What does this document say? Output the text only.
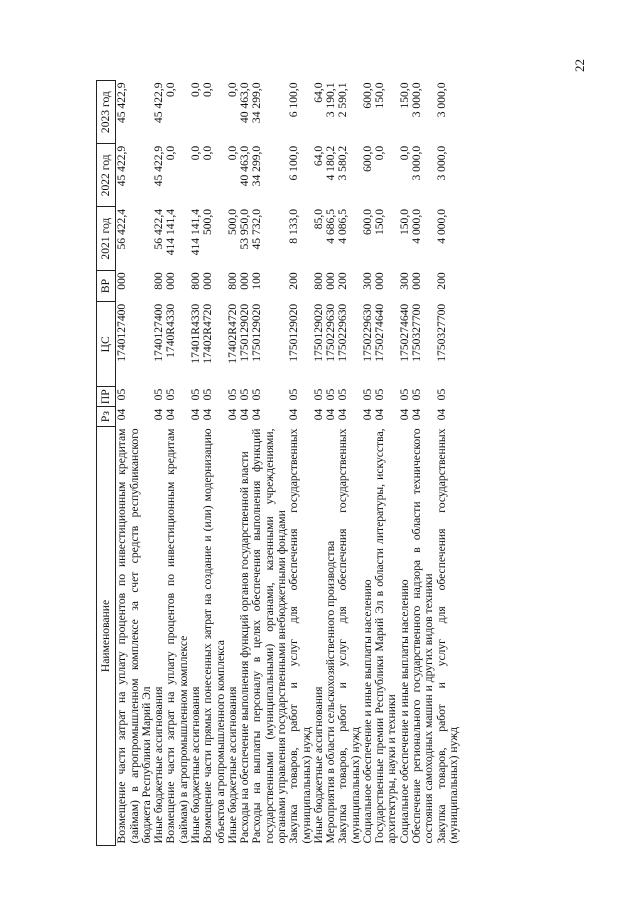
22
Наименование	Рз	ПР	ЦС	ВР	2021 год	2022 год	2023 год
Возмещение части затрат на уплату процентов по инвестиционным кредитам (займам) в агропромышленном комплексе за счет средств республиканского бюджета Республики Марий Эл	04	05	1740127400	000	56 422,4	45 422,9	45 422,9
Иные бюджетные ассигнования	04	05	1740127400	800	56 422,4	45 422,9	45 422,9
Возмещение части затрат на уплату процентов по инвестиционным кредитам (займам) в агропромышленном комплексе	04	05	1740R4330	000	414 141,4	0,0	0,0
Иные бюджетные ассигнования	04	05	17401R4330	800	414 141,4	0,0	0,0
Возмещение части прямых понесенных затрат на создание и (или) модернизацию объектов агропромышленного комплекса	04	05	17402R4720	000	500,0	0,0	0,0
Иные бюджетные ассигнования	04	05	17402R4720	800	500,0	0,0	0,0
Расходы на обеспечение выполнения функций органов государственной власти	04	05	1750129020	000	53 950,0	40 463,0	40 463,0
Расходы на выплаты персоналу в целях обеспечения выполнения функций государственными (муниципальными) органами, казенными учреждениями, органами управления государственными внебюджетными фондами	04	05	1750129020	100	45 732,0	34 299,0	34 299,0
Закупка товаров, работ и услуг для обеспечения государственных (муниципальных) нужд	04	05	1750129020	200	8 133,0	6 100,0	6 100,0
Иные бюджетные ассигнования	04	05	1750129020	800	85,0	64,0	64,0
Мероприятия в области сельскохозяйственного производства	04	05	1750229630	000	4 686,5	4 180,2	3 190,1
Закупка товаров, работ и услуг для обеспечения государственных (муниципальных) нужд	04	05	1750229630	200	4 086,5	3 580,2	2 590,1
Социальное обеспечение и иные выплаты населению	04	05	1750229630	300	600,0	600,0	600,0
Государственные премии Республики Марий Эл в области литературы, искусства, архитектуры, науки и техники	04	05	1750274640	000	150,0	0,0	150,0
Социальное обеспечение и иные выплаты населению	04	05	1750274640	300	150,0	0,0	150,0
Обеспечение регионального государственного надзора в области технического состояния самоходных машин и других видов техники	04	05	1750327700	000	4 000,0	3 000,0	3 000,0
Закупка товаров, работ и услуг для обеспечения государственных (муниципальных) нужд	04	05	1750327700	200	4 000,0	3 000,0	3 000,0
